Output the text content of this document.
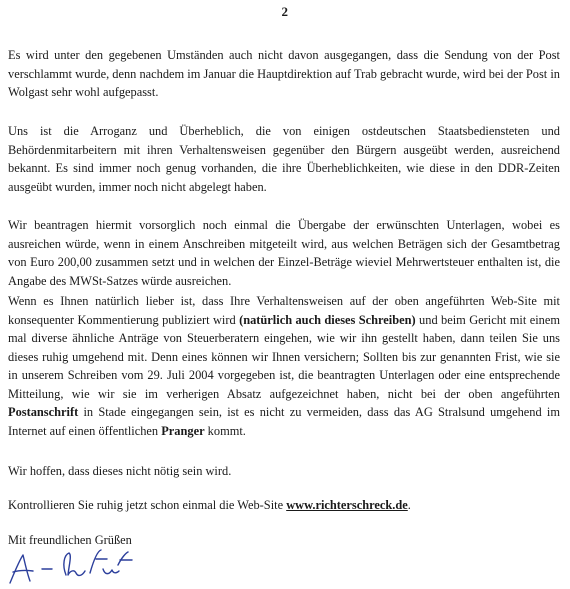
2

Es wird unter den gegebenen Umständen auch nicht davon ausgegangen, dass die Sendung von der Post verschlammt wurde, denn nachdem im Januar die Hauptdirektion auf Trab gebracht wurde, wird bei der Post in Wolgast sehr wohl aufgepasst.

Uns ist die Arroganz und Überheblich, die von einigen ostdeutschen Staatsbediensteten und Behördenmitarbeitern mit ihren Verhaltensweisen gegenüber den Bürgern ausgeübt werden, ausreichend bekannt. Es sind immer noch genug vorhanden, die ihre Überheblichkeiten, wie diese in den DDR-Zeiten ausgeübt wurden, immer noch nicht abgelegt haben.

Wir beantragen hiermit vorsorglich noch einmal die Übergabe der erwünschten Unterlagen, wobei es ausreichen würde, wenn in einem Anschreiben mitgeteilt wird, aus welchen Beträgen sich der Gesamtbetrag von Euro 200,00 zusammen setzt und in welchen der Einzel-Beträge wieviel Mehrwertsteuer enthalten ist, die Angabe des MWSt-Satzes würde ausreichen.

Wenn es Ihnen natürlich lieber ist, dass Ihre Verhaltensweisen auf der oben angeführten Web-Site mit konsequenter Kommentierung publiziert wird (natürlich auch dieses Schreiben) und beim Gericht mit einem mal diverse ähnliche Anträge von Steuerberatern eingehen, wie wir ihn gestellt haben, dann teilen Sie uns dieses ruhig umgehend mit. Denn eines können wir Ihnen versichern; Sollten bis zur genannten Frist, wie sie in unserem Schreiben vom 29. Juli 2004 vorgegeben ist, die beantragten Unterlagen oder eine entsprechende Mitteilung, wie wir sie im verherigen Absatz aufgezeichnet haben, nicht bei der oben angeführten Postanschrift in Stade eingegangen sein, ist es nicht zu vermeiden, dass das AG Stralsund umgehend im Internet auf einen öffentlichen Pranger kommt.

Wir hoffen, dass dieses nicht nötig sein wird.

Kontrollieren Sie ruhig jetzt schon einmal die Web-Site www.richterschreck.de.

Mit freundlichen Grüßen
